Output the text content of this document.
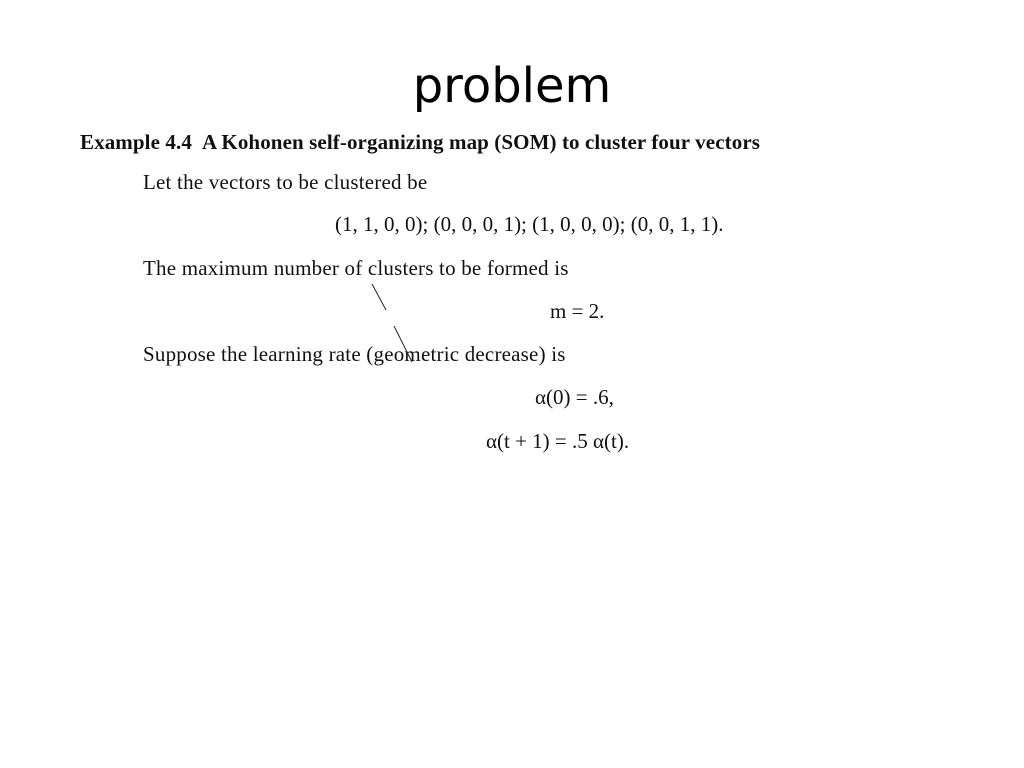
problem
Example 4.4 A Kohonen self-organizing map (SOM) to cluster four vectors
Let the vectors to be clustered be
(1, 1, 0, 0); (0, 0, 0, 1); (1, 0, 0, 0); (0, 0, 1, 1).
The maximum number of clusters to be formed is
m = 2.
Suppose the learning rate (geometric decrease) is
α(0) = .6,
α(t + 1) = .5 α(t).
